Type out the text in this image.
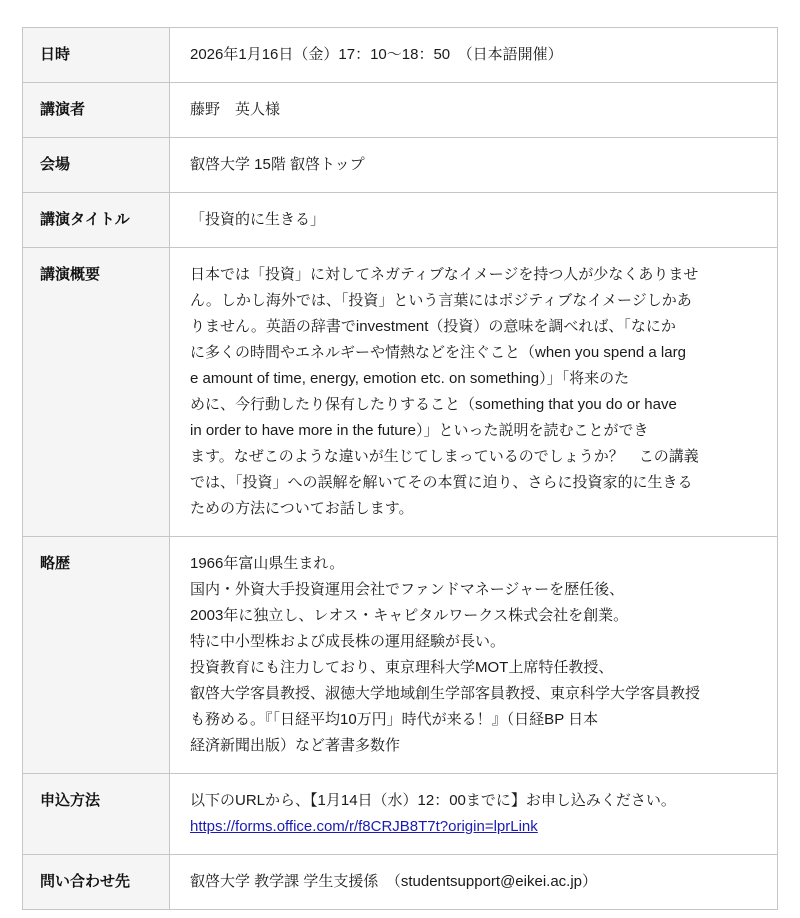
日時	2026年1月16日（金）17：10〜18：50　（日本語開催）

講演者	藤野　英人様

会場	叡啓大学 15階 叡啓トップ

講演タイトル	「投資的に生きる」

講演概要	日本では「投資」に対してネガティブなイメージを持つ人が少なくありませ
ん。しかし海外では、「投資」という言葉にはポジティブなイメージしかあ
りません。英語の辞書でinvestment（投資）の意味を調べれば、「なにか
に多くの時間やエネルギーや情熱などを注ぐこと（when you spend a larg
e amount of time, energy, emotion etc. on something）」「将来のた
めに、今行動したり保有したりすること（something that you do or have
in order to have more in the future）」といった説明を読むことができ
ます。なぜこのような違いが生じてしまっているのでしょうか？　この講義
では、「投資」への誤解を解いてその本質に迫り、さらに投資家的に生きる
ための方法についてお話します。

略歴	1966年富山県生まれ。
国内・外資大手投資運用会社でファンドマネージャーを歴任後、
2003年に独立し、レオス・キャピタルワークス株式会社を創業。
特に中小型株および成長株の運用経験が長い。
投資教育にも注力しており、東京理科大学MOT上席特任教授、
叡啓大学客員教授、淑徳大学地域創生学部客員教授、東京科学大学客員教授
も務める。『「日経平均10万円」時代が来る！』（日経BP 日本
経済新聞出版）など著書多数作

申込方法	以下のURLから、【1月14日（水）12：00までに】お申し込みください。
https://forms.office.com/r/f8CRJB8T7t?origin=lprLink

問い合わせ先	叡啓大学 教学課 学生支援係　（studentsupport@eikei.ac.jp）
